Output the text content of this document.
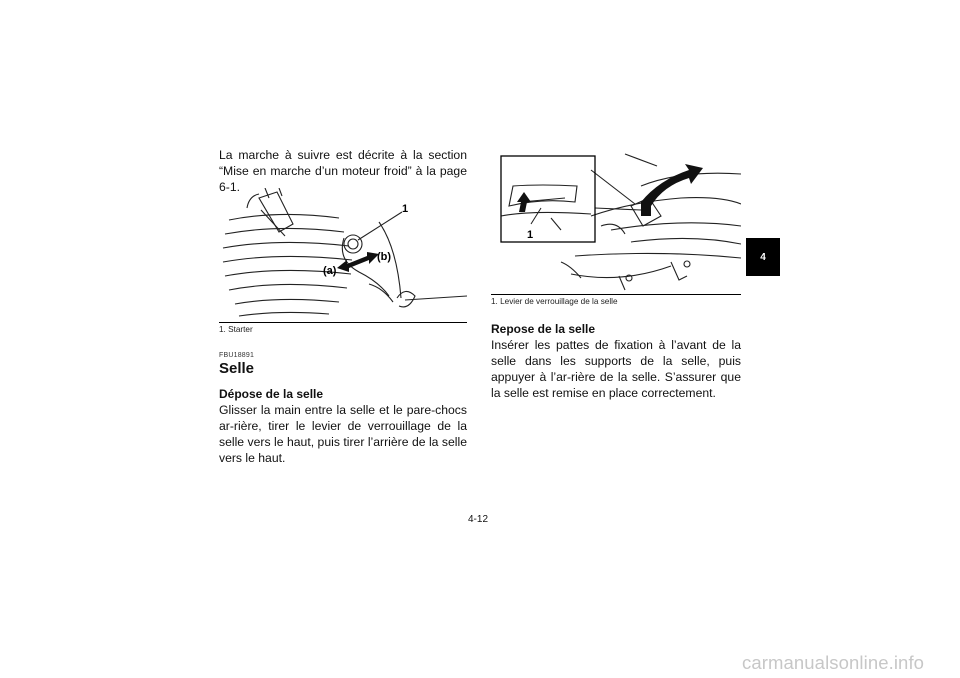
La marche à suivre est décrite à la section “Mise en marche d’un moteur froid” à la page 6-1.

1
(a)
(b)
1. Starter
FBU18891
Selle
Dépose de la selle

Glisser la main entre la selle et le pare-chocs ar-rière, tirer le levier de verrouillage de la selle vers le haut, puis tirer l’arrière de la selle vers le haut.

1
1. Levier de verrouillage de la selle
Repose de la selle

Insérer les pattes de fixation à l’avant de la selle dans les supports de la selle, puis appuyer à l’ar-rière de la selle. S’assurer que la selle est remise en place correctement.

4
4-12
carmanualsonline.info
